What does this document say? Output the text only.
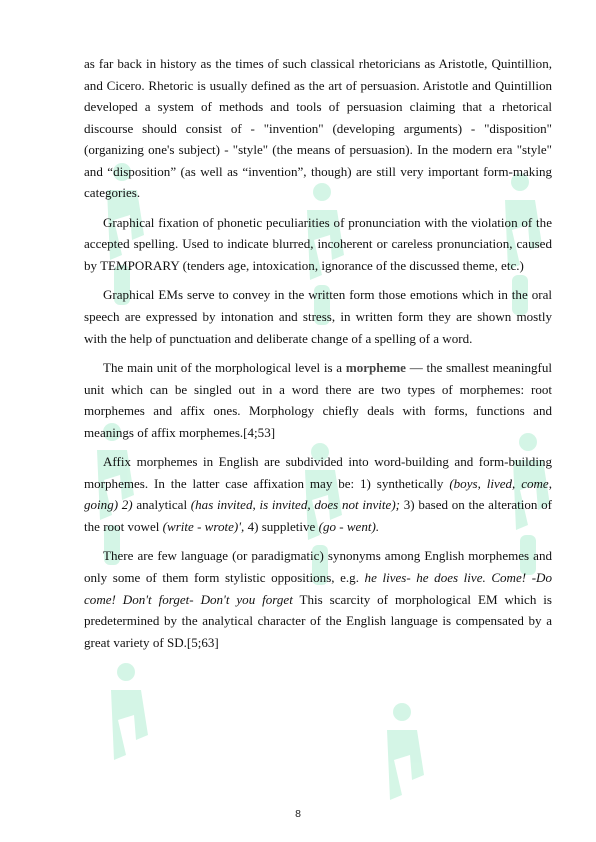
as far back in history as the times of such classical rhetoricians as Aristotle, Quintillion, and Cicero. Rhetoric is usually defined as the art of persuasion. Aristotle and Quintillion developed a system of methods and tools of persuasion claiming that a rhetorical discourse should consist of - "invention" (developing arguments) - "disposition" (organizing one's subject) - "style" (the means of persuasion). In the modern era "style" and “disposition” (as well as “invention”, though) are still very important form-making categories.

Graphical fixation of phonetic peculiarities of pronunciation with the violation of the accepted spelling. Used to indicate blurred, incoherent or careless pronunciation, caused by TEMPORARY (tenders age, intoxication, ignorance of the discussed theme, etc.)

Graphical EMs serve to convey in the written form those emotions which in the oral speech are expressed by intonation and stress, in written form they are shown mostly with the help of punctuation and deliberate change of a spelling of a word.

The main unit of the morphological level is a morpheme — the smallest meaningful unit which can be singled out in a word there are two types of morphemes: root morphemes and affix ones. Morphology chiefly deals with forms, functions and meanings of affix morphemes.[4;53]

Affix morphemes in English are subdivided into word-building and form-building morphemes. In the latter case affixation may be: 1) synthetically (boys, lived, come, going) 2) analytical (has invited, is invited, does not invite); 3) based on the alteration of the root vowel (write - wrote)', 4) suppletive (go - went).

There are few language (or paradigmatic) synonyms among English morphemes and only some of them form stylistic oppositions, e.g. he lives- he does live. Come! -Do come! Don't forget- Don't you forget This scarcity of morphological EM which is predetermined by the analytical character of the English language is compensated by a great variety of SD.[5;63]

8
